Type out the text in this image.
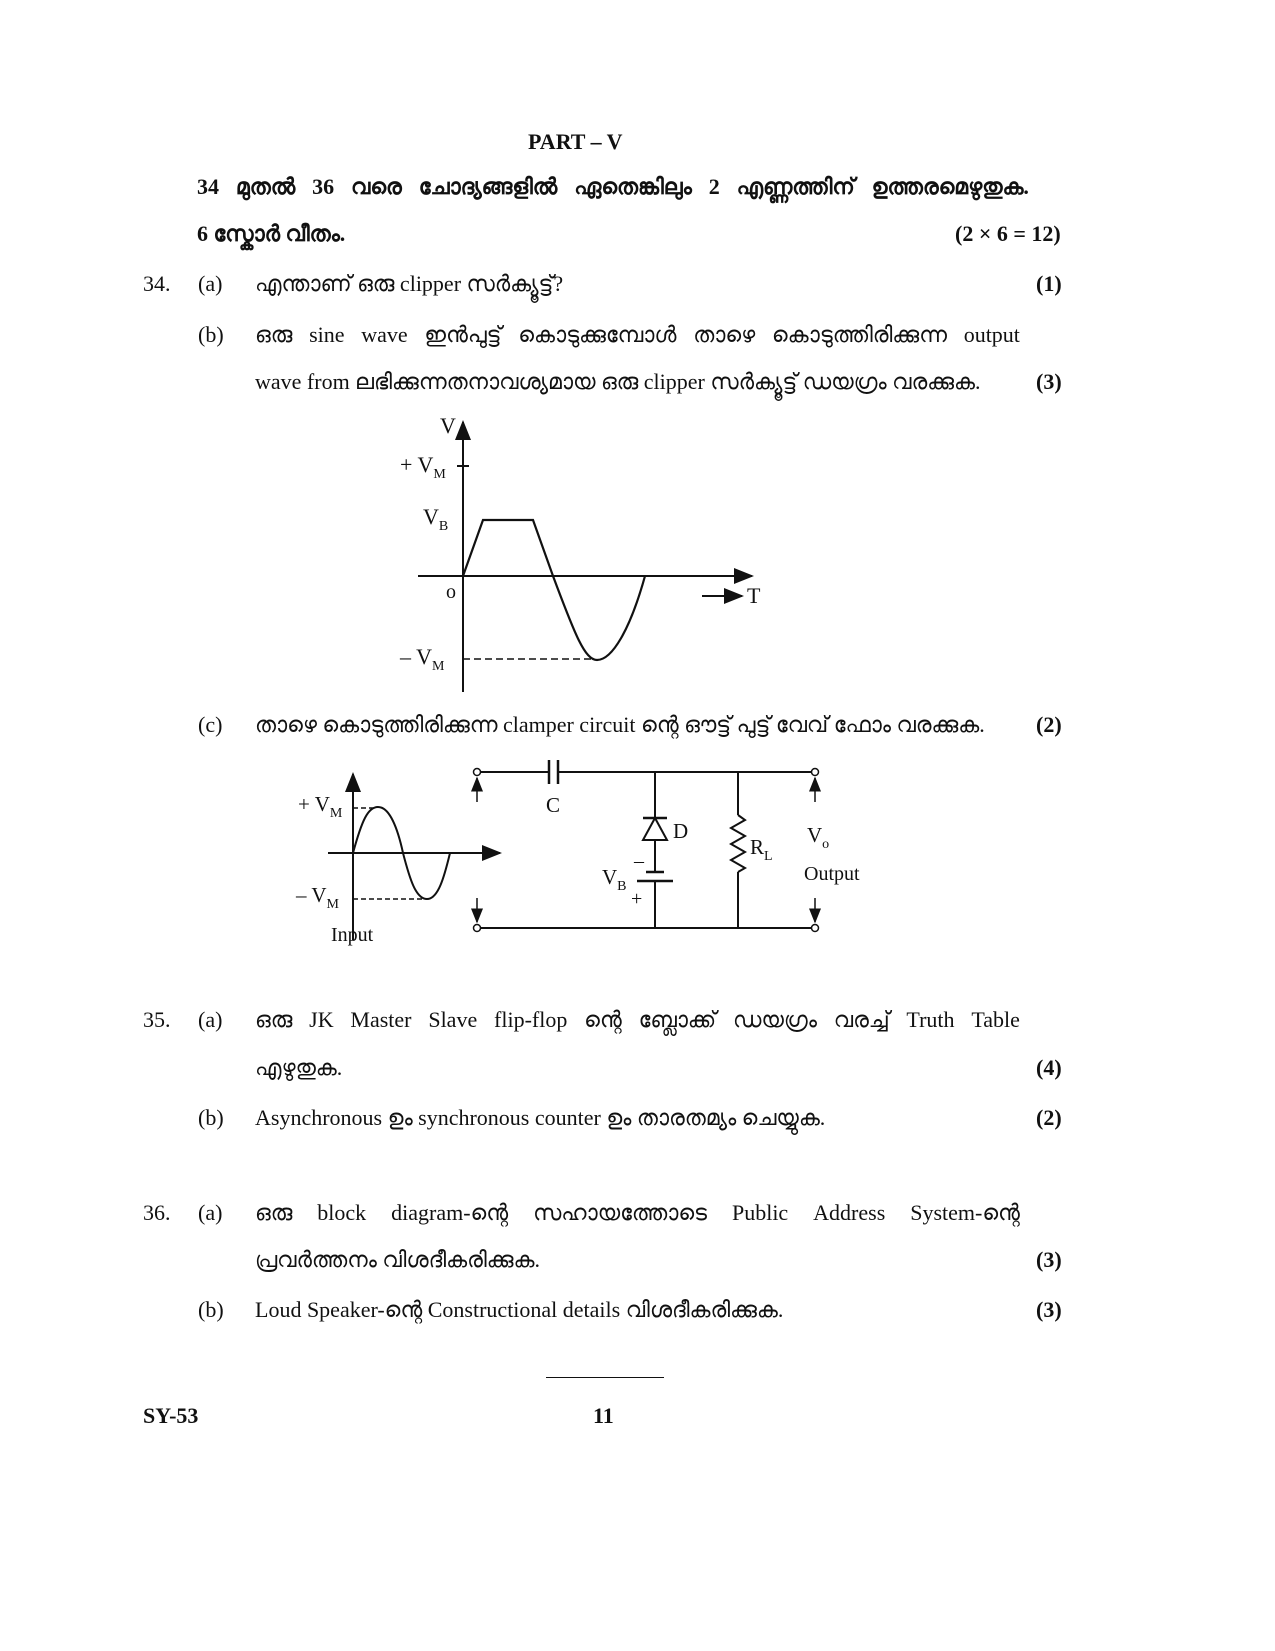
PART – V
34 മുതൽ 36 വരെ ചോദ്യങ്ങളിൽ ഏതെങ്കിലും 2 എണ്ണത്തിന് ഉത്തരമെഴുതുക.
6 സ്കോർ വീതം.	(2 × 6 = 12)
34. (a) എന്താണ് ഒരു clipper സർക്യൂട്ട്?	(1)
(b) ഒരു sine wave ഇൻപുട്ട് കൊടുക്കുമ്പോൾ താഴെ കൊടുത്തിരിക്കുന്ന output
wave from ലഭിക്കുന്നതനാവശ്യമായ ഒരു clipper സർക്യൂട്ട് ഡയഗ്രം വരക്കുക.	(3)
V
+ $V_M$
$V_B$
o
– $V_M$
T
(c) താഴെ കൊടുത്തിരിക്കുന്ന clamper circuit ന്റെ ഔട്ട് പുട്ട് വേവ് ഫോം വരക്കുക. (2)
+ $V_M$
– $V_M$
Input
C
D
–
$V_B$
+
$R_L$
$V_o$
Output
35. (a) ഒരു JK Master Slave flip-flop ന്റെ ബ്ലോക്ക് ഡയഗ്രം വരച്ച് Truth Table
എഴുതുക.	(4)
(b) Asynchronous ഉം synchronous counter ഉം താരതമ്യം ചെയ്യുക.	(2)
36. (a) ഒരു block diagram-ന്റെ സഹായത്തോടെ Public Address System-ന്റെ
പ്രവർത്തനം വിശദീകരിക്കുക.	(3)
(b) Loud Speaker-ന്റെ Constructional details വിശദീകരിക്കുക.	(3)
SY-53	11
